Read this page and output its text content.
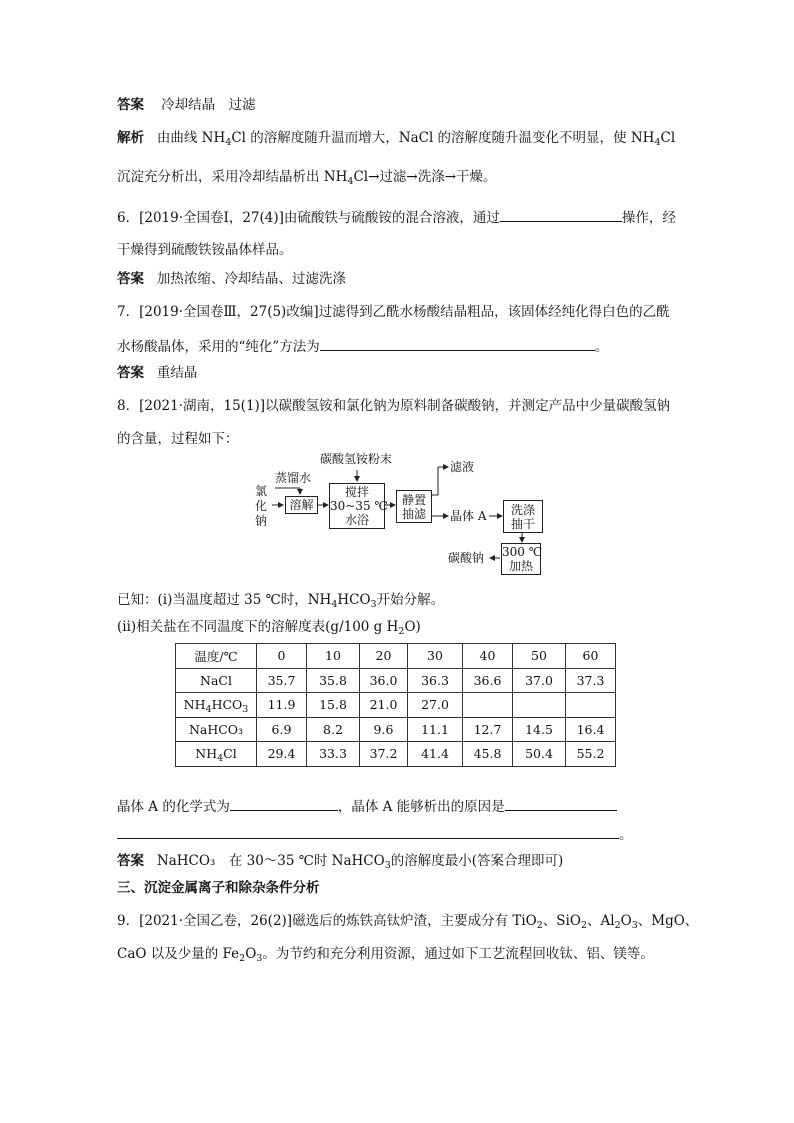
答案 冷却结晶　过滤
解析 由曲线 $NH_4Cl$ 的溶解度随升温而增大，NaCl 的溶解度随升温变化不明显，使 $NH_4Cl$
沉淀充分析出，采用冷却结晶析出 $NH_4Cl\to$过滤→洗涤→干燥。
6．[2019·全国卷Ⅰ，27(4)]由硫酸铁与硫酸铵的混合溶液，通过	操作，经
干燥得到硫酸铁铵晶体样品。
答案 加热浓缩、冷却结晶、过滤洗涤
7．[2019·全国卷Ⅲ，27(5)改编]过滤得到乙酰水杨酸结晶粗品，该固体经纯化得白色的乙酰
水杨酸晶体，采用的“纯化”方法为	。
答案 重结晶
8．[2021·湖南，15(1)]以碳酸氢铵和氯化钠为原料制备碳酸钠，并测定产品中少量碳酸氢钠
的含量，过程如下：
碳酸氢铵粉末
蒸馏水
氯
化
钠
溶解
搅拌
30~35 ℃
水浴
静置
抽滤
滤液
晶体 A	洗涤
抽干
300 ℃
加热
碳酸钠
已知：(i)当温度超过 35 ℃时，$NH_4HCO_3$开始分解。
(ii)相关盐在不同温度下的溶解度表(g/100 g $H_2O$)
温度/℃	0	10	20	30	40	50	60
NaCl	35.7	35.8	36.0	36.3	36.6	37.0	37.3
$NH_4HCO_3$	11.9	15.8	21.0	27.0			
NaHCO₃	6.9	8.2	9.6	11.1	12.7	14.5	16.4
$NH_4Cl$	29.4	33.3	37.2	41.4	45.8	50.4	55.2
晶体 A 的化学式为	，晶体 A 能够析出的原因是
。
答案 NaHCO₃　在 30～35 ℃时 NaHCO$_3$的溶解度最小(答案合理即可)
三、沉淀金属离子和除杂条件分析
9．[2021·全国乙卷，26(2)]磁选后的炼铁高钛炉渣，主要成分有 TiO$_2$、SiO$_2$、$Al_2O_3$、MgO、
CaO 以及少量的 $Fe_2O_3$。为节约和充分利用资源，通过如下工艺流程回收钛、铝、镁等。
